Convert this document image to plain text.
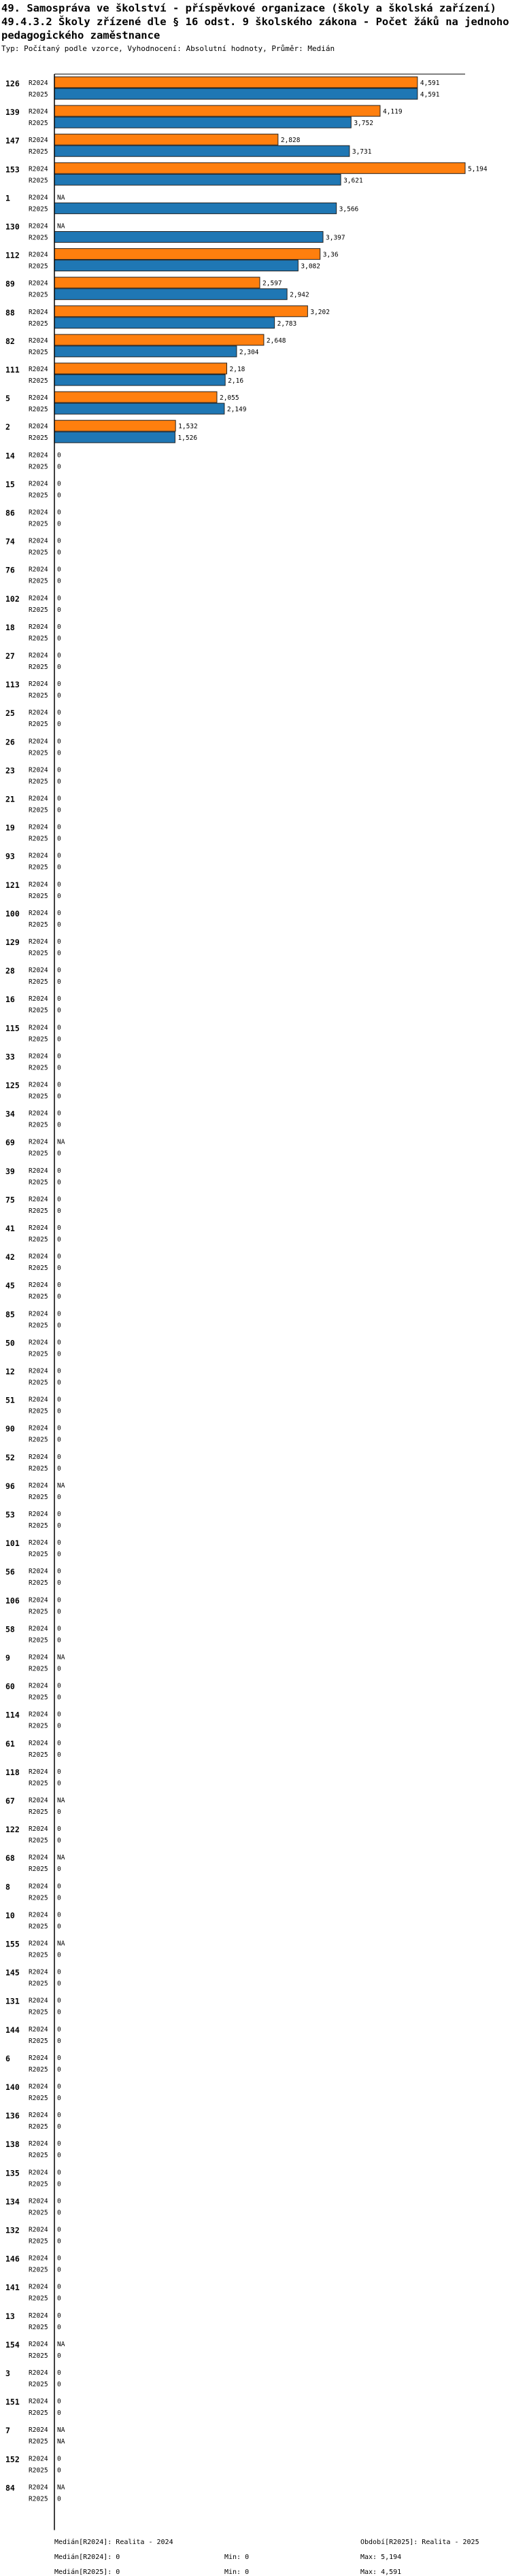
49. Samospráva ve školství - příspěvkové organizace (školy a školská zařízení)
49.4.3.2 Školy zřízené dle § 16 odst. 9 školského zákona - Počet žáků na jednoho
pedagogického zaměstnance
Typ: Počítaný podle vzorce, Vyhodnocení: Absolutní hodnoty, Průměr: Medián
126 R2024	4,591
R2025	4,591
139 R2024	4,119
R2025	3,752
147 R2024	2,828
R2025	3,731
153 R2024	5,194
R2025	3,621
1	R2024 NA
R2025	3,566
130 R2024 NA
R2025	3,397
112 R2024	3,36
R2025	3,082
89 R2024	2,597
R2025	2,942
88 R2024	3,202
R2025	2,783
82 R2024	2,648
R2025	2,304
111 R2024	2,18
R2025	2,16
5	R2024	2,055
R2025	2,149
2	R2024	1,532
R2025	1,526
14 R2024 0
R2025 0
15 R2024 0
R2025 0
86 R2024 0
R2025 0
74 R2024 0
R2025 0
76 R2024 0
R2025 0
102 R2024 0
R2025 0
18 R2024 0
R2025 0
27 R2024 0
R2025 0
113 R2024 0
R2025 0
25 R2024 0
R2025 0
26 R2024 0
R2025 0
23 R2024 0
R2025 0
21 R2024 0
R2025 0
19 R2024 0
R2025 0
93 R2024 0
R2025 0
121 R2024 0
R2025 0
100 R2024 0
R2025 0
129 R2024 0
R2025 0
28 R2024 0
R2025 0
16 R2024 0
R2025 0
115 R2024 0
R2025 0
33 R2024 0
R2025 0
125 R2024 0
R2025 0
34 R2024 0
R2025 0
69 R2024 NA
R2025 0
39 R2024 0
R2025 0
75 R2024 0
R2025 0
41 R2024 0
R2025 0
42 R2024 0
R2025 0
45 R2024 0
R2025 0
85 R2024 0
R2025 0
50 R2024 0
R2025 0
12 R2024 0
R2025 0
51 R2024 0
R2025 0
90 R2024 0
R2025 0
52 R2024 0
R2025 0
96 R2024 NA
R2025 0
53 R2024 0
R2025 0
101 R2024 0
R2025 0
56 R2024 0
R2025 0
106 R2024 0
R2025 0
58 R2024 0
R2025 0
9	R2024 NA
R2025 0
60 R2024 0
R2025 0
114 R2024 0
R2025 0
61 R2024 0
R2025 0
118 R2024 0
R2025 0
67 R2024 NA
R2025 0
122 R2024 0
R2025 0
68 R2024 NA
R2025 0
8	R2024 0
R2025 0
10 R2024 0
R2025 0
155 R2024 NA
R2025 0
145 R2024 0
R2025 0
131 R2024 0
R2025 0
144 R2024 0
R2025 0
6	R2024 0
R2025 0
140 R2024 0
R2025 0
136 R2024 0
R2025 0
138 R2024 0
R2025 0
135 R2024 0
R2025 0
134 R2024 0
R2025 0
132 R2024 0
R2025 0
146 R2024 0
R2025 0
141 R2024 0
R2025 0
13 R2024 0
R2025 0
154 R2024 NA
R2025 0
3	R2024 0
R2025 0
151 R2024 0
R2025 0
7	R2024 NA
R2025 NA
152 R2024 0
R2025 0
84 R2024 NA
R2025 0
Medián[R2024]: Realita - 2024	Období[R2025]: Realita - 2025
Medián[R2024]: 0	Min: 0	Max: 5,194
Medián[R2025]: 0	Min: 0	Max: 4,591
